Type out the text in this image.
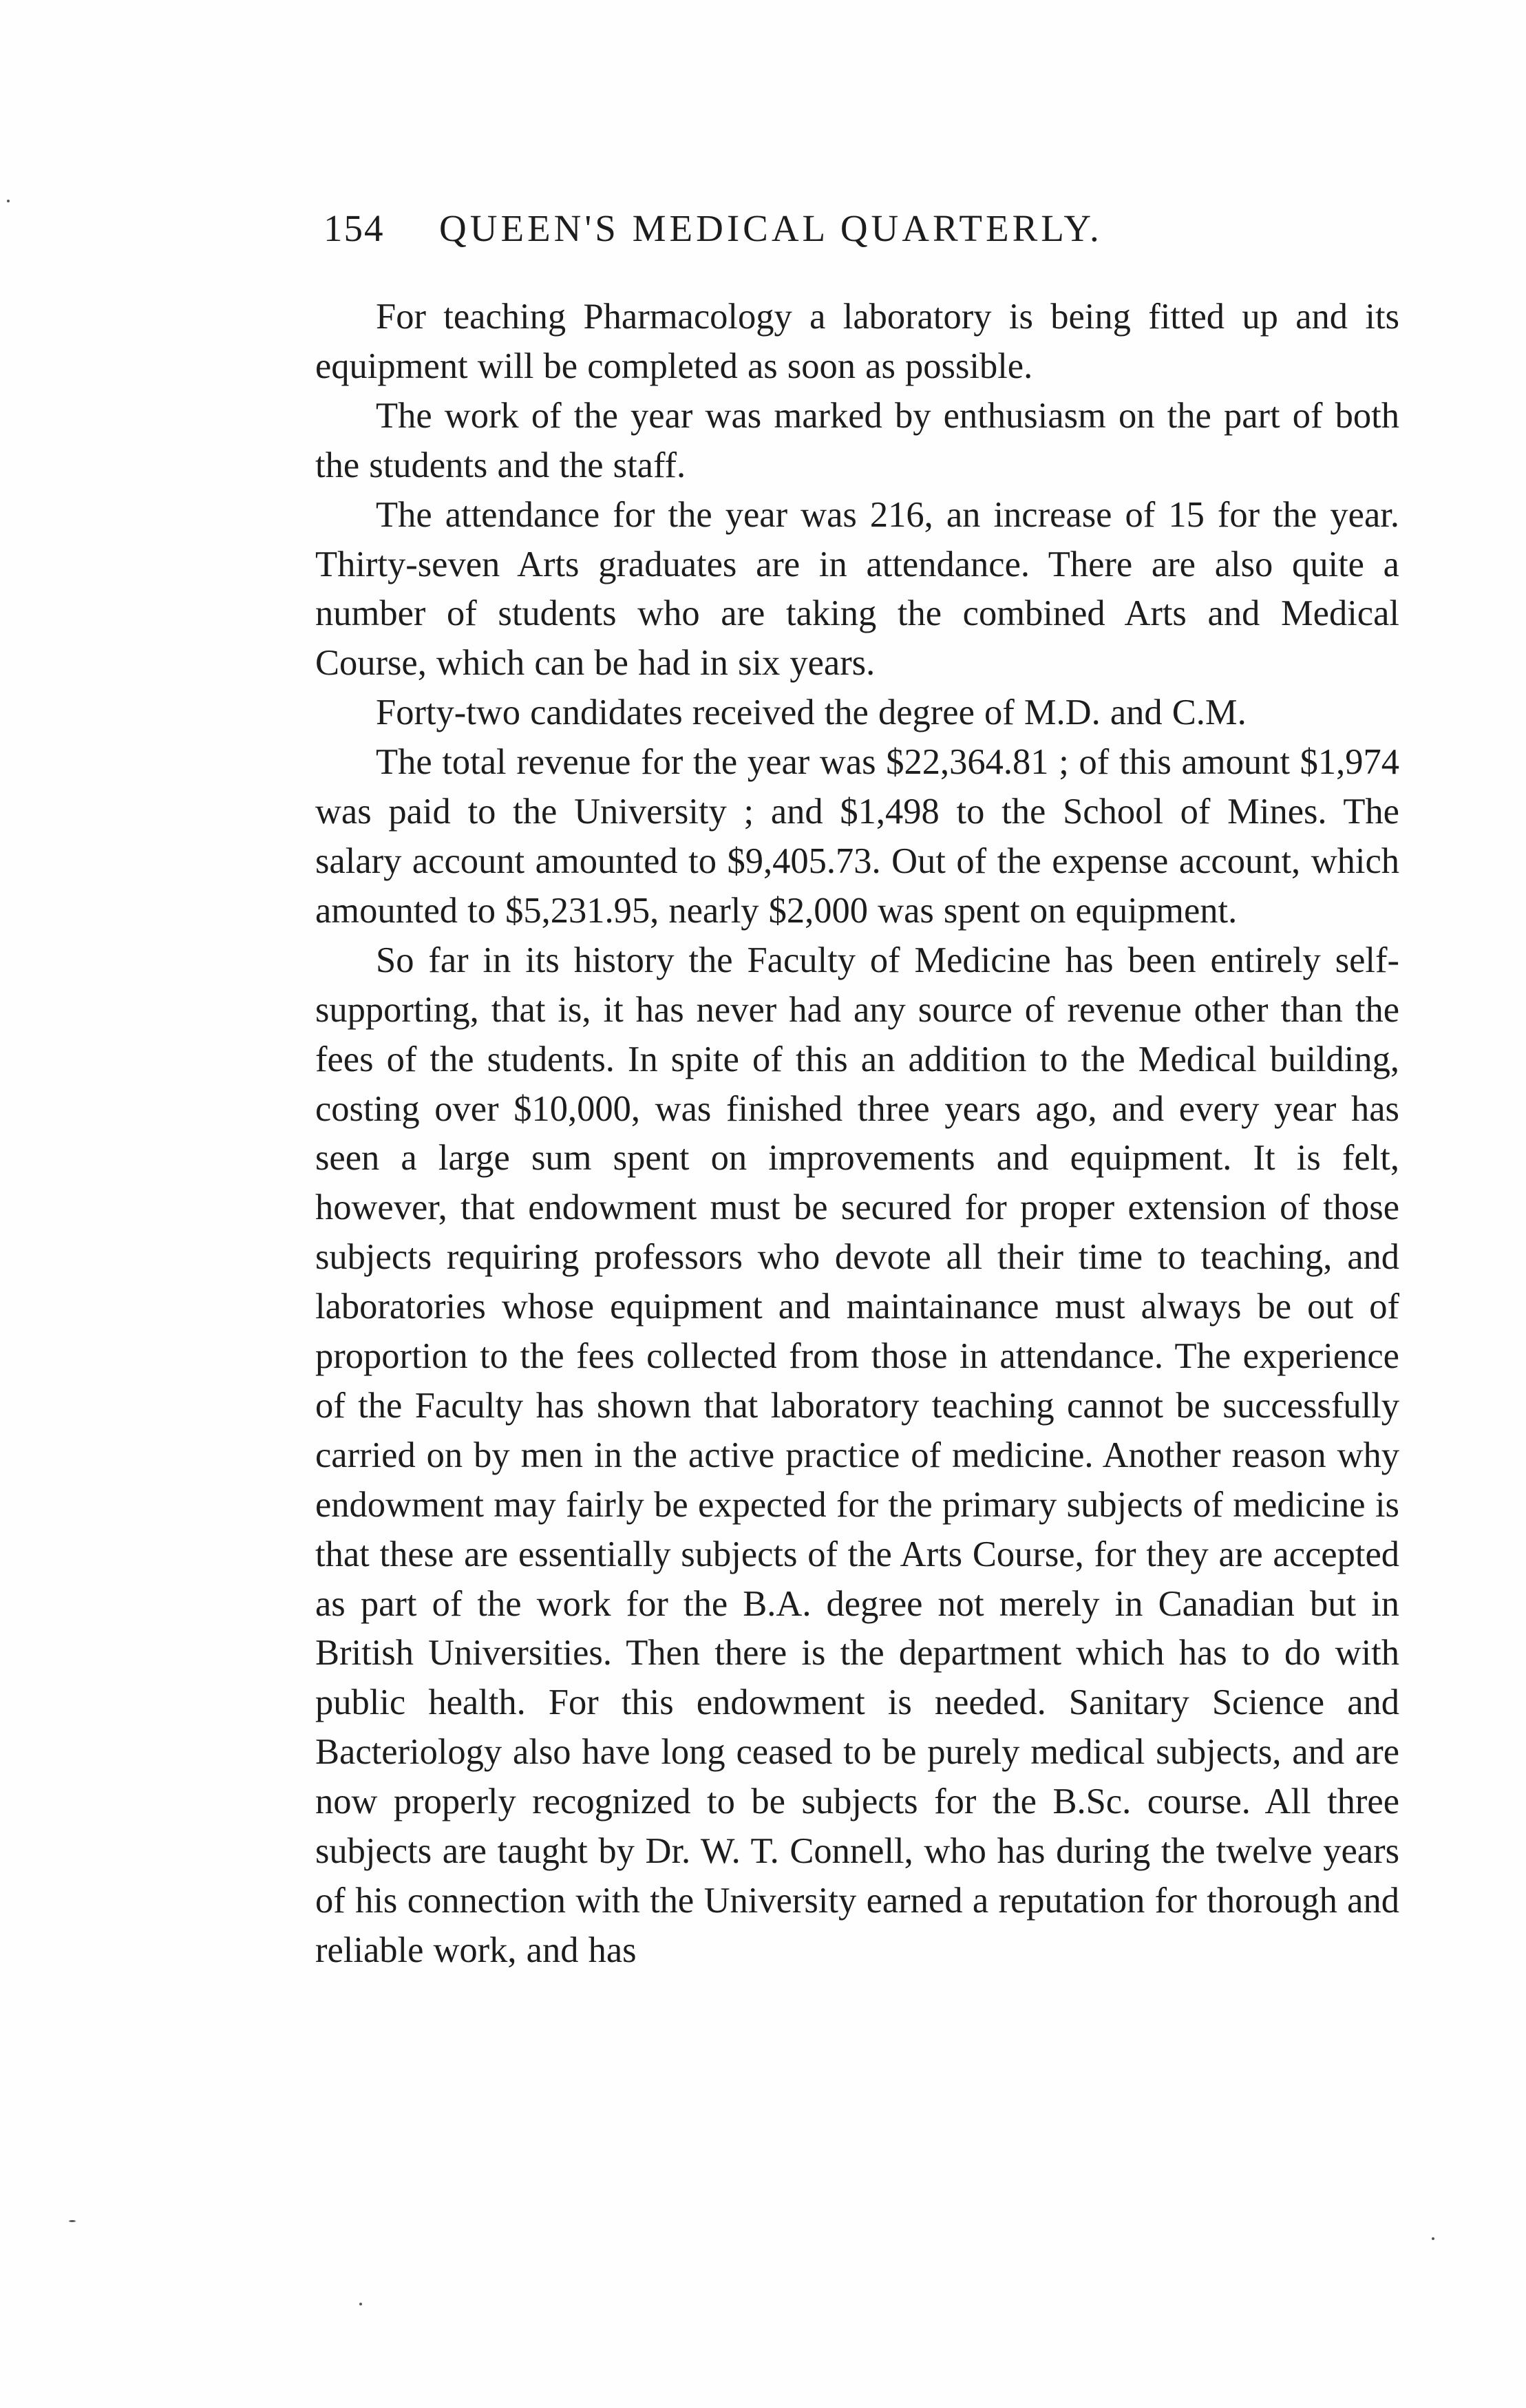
154 QUEEN'S MEDICAL QUARTERLY.

For teaching Pharmacology a laboratory is being fitted up and its equipment will be completed as soon as possible.

The work of the year was marked by enthusiasm on the part of both the students and the staff.

The attendance for the year was 216, an increase of 15 for the year. Thirty-seven Arts graduates are in attendance. There are also quite a number of students who are taking the combined Arts and Medical Course, which can be had in six years.

Forty-two candidates received the degree of M.D. and C.M.

The total revenue for the year was $22,364.81 ; of this amount $1,974 was paid to the University ; and $1,498 to the School of Mines. The salary account amounted to $9,405.73. Out of the expense account, which amounted to $5,231.95, nearly $2,000 was spent on equipment.

So far in its history the Faculty of Medicine has been entirely self-supporting, that is, it has never had any source of revenue other than the fees of the students. In spite of this an addition to the Medical building, costing over $10,000, was finished three years ago, and every year has seen a large sum spent on improvements and equipment. It is felt, however, that endowment must be secured for proper extension of those subjects requiring professors who devote all their time to teaching, and laboratories whose equipment and maintainance must always be out of proportion to the fees collected from those in attendance. The experience of the Faculty has shown that laboratory teaching cannot be successfully carried on by men in the active practice of medicine. Another reason why endowment may fairly be expected for the primary subjects of medicine is that these are essentially subjects of the Arts Course, for they are accepted as part of the work for the B.A. degree not merely in Canadian but in British Universities. Then there is the department which has to do with public health. For this endowment is needed. Sanitary Science and Bacteriology also have long ceased to be purely medical subjects, and are now properly recognized to be subjects for the B.Sc. course. All three subjects are taught by Dr. W. T. Connell, who has during the twelve years of his connection with the University earned a reputation for thorough and reliable work, and has
